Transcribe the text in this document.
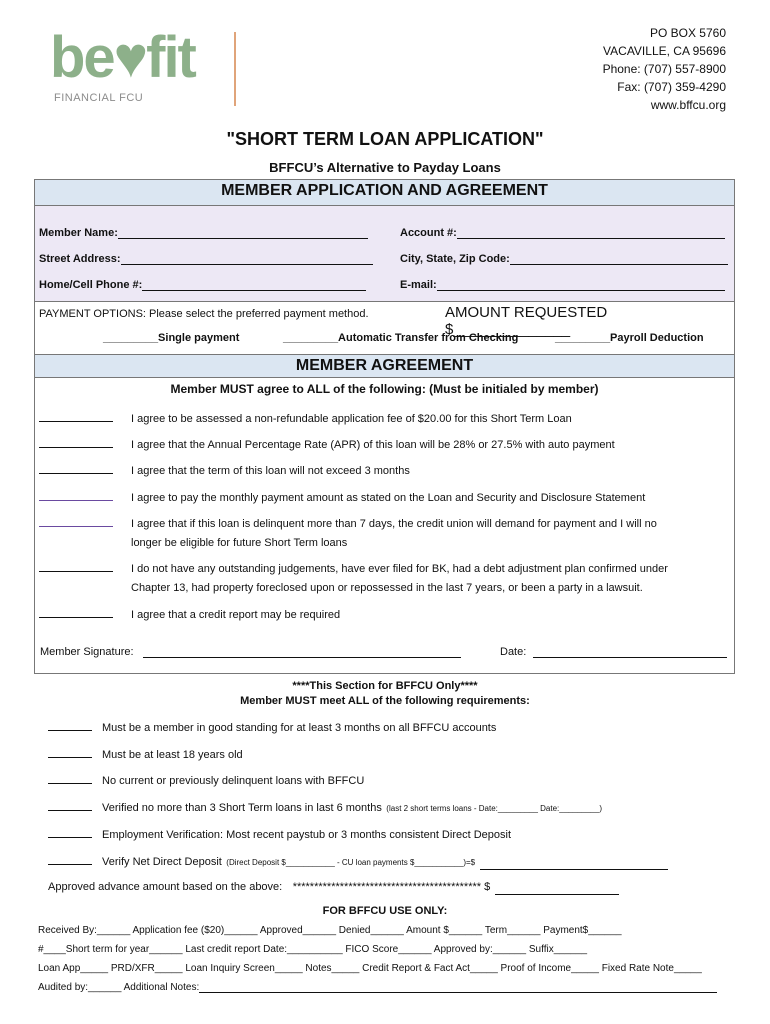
be♥fit
FINANCIAL FCU
PO BOX 5760
VACAVILLE, CA 95696
Phone: (707) 557-8900
Fax: (707) 359-4290
www.bffcu.org
"SHORT TERM LOAN APPLICATION"
BFFCU’s Alternative to Payday Loans
MEMBER APPLICATION AND AGREEMENT
Member Name:	Account #:
Street Address:	City, State, Zip Code:
Home/Cell Phone #:	E-mail:
PAYMENT OPTIONS: Please select the preferred payment method.	AMOUNT REQUESTED $______________
_________Single payment	_________Automatic Transfer from Checking	_________Payroll Deduction
MEMBER AGREEMENT
Member MUST agree to ALL of the following: (Must be initialed by member)
I agree to be assessed a non-refundable application fee of $20.00 for this Short Term Loan
I agree that the Annual Percentage Rate (APR) of this loan will be 28% or 27.5% with auto payment
I agree that the term of this loan will not exceed 3 months
I agree to pay the monthly payment amount as stated on the Loan and Security and Disclosure Statement
I agree that if this loan is delinquent more than 7 days, the credit union will demand for payment and I will no
longer be eligible for future Short Term loans
I do not have any outstanding judgements, have ever filed for BK, had a debt adjustment plan confirmed under
Chapter 13, had property foreclosed upon or repossessed in the last 7 years, or been a party in a lawsuit.
I agree that a credit report may be required
Member Signature:	Date:
****This Section for BFFCU Only****
Member MUST meet ALL of the following requirements:
Must be a member in good standing for at least 3 months on all BFFCU accounts
Must be at least 18 years old
No current or previously delinquent loans with BFFCU
Verified no more than 3 Short Term loans in last 6 months (last 2 short terms loans - Date:_________ Date:_________)
Employment Verification: Most recent paystub or 3 months consistent Direct Deposit
Verify Net Direct Deposit (Direct Deposit $___________ - CU loan payments $___________)=$
Approved advance amount based on the above: ******************************************** $
FOR BFFCU USE ONLY:
Received By:______ Application fee ($20)______ Approved______ Denied______ Amount $______ Term______ Payment$______
#____Short term for year______ Last credit report Date:__________ FICO Score______ Approved by:______ Suffix______
Loan App_____ PRD/XFR_____ Loan Inquiry Screen_____ Notes_____ Credit Report & Fact Act_____ Proof of Income_____ Fixed Rate Note_____
Audited by:______ Additional Notes:
